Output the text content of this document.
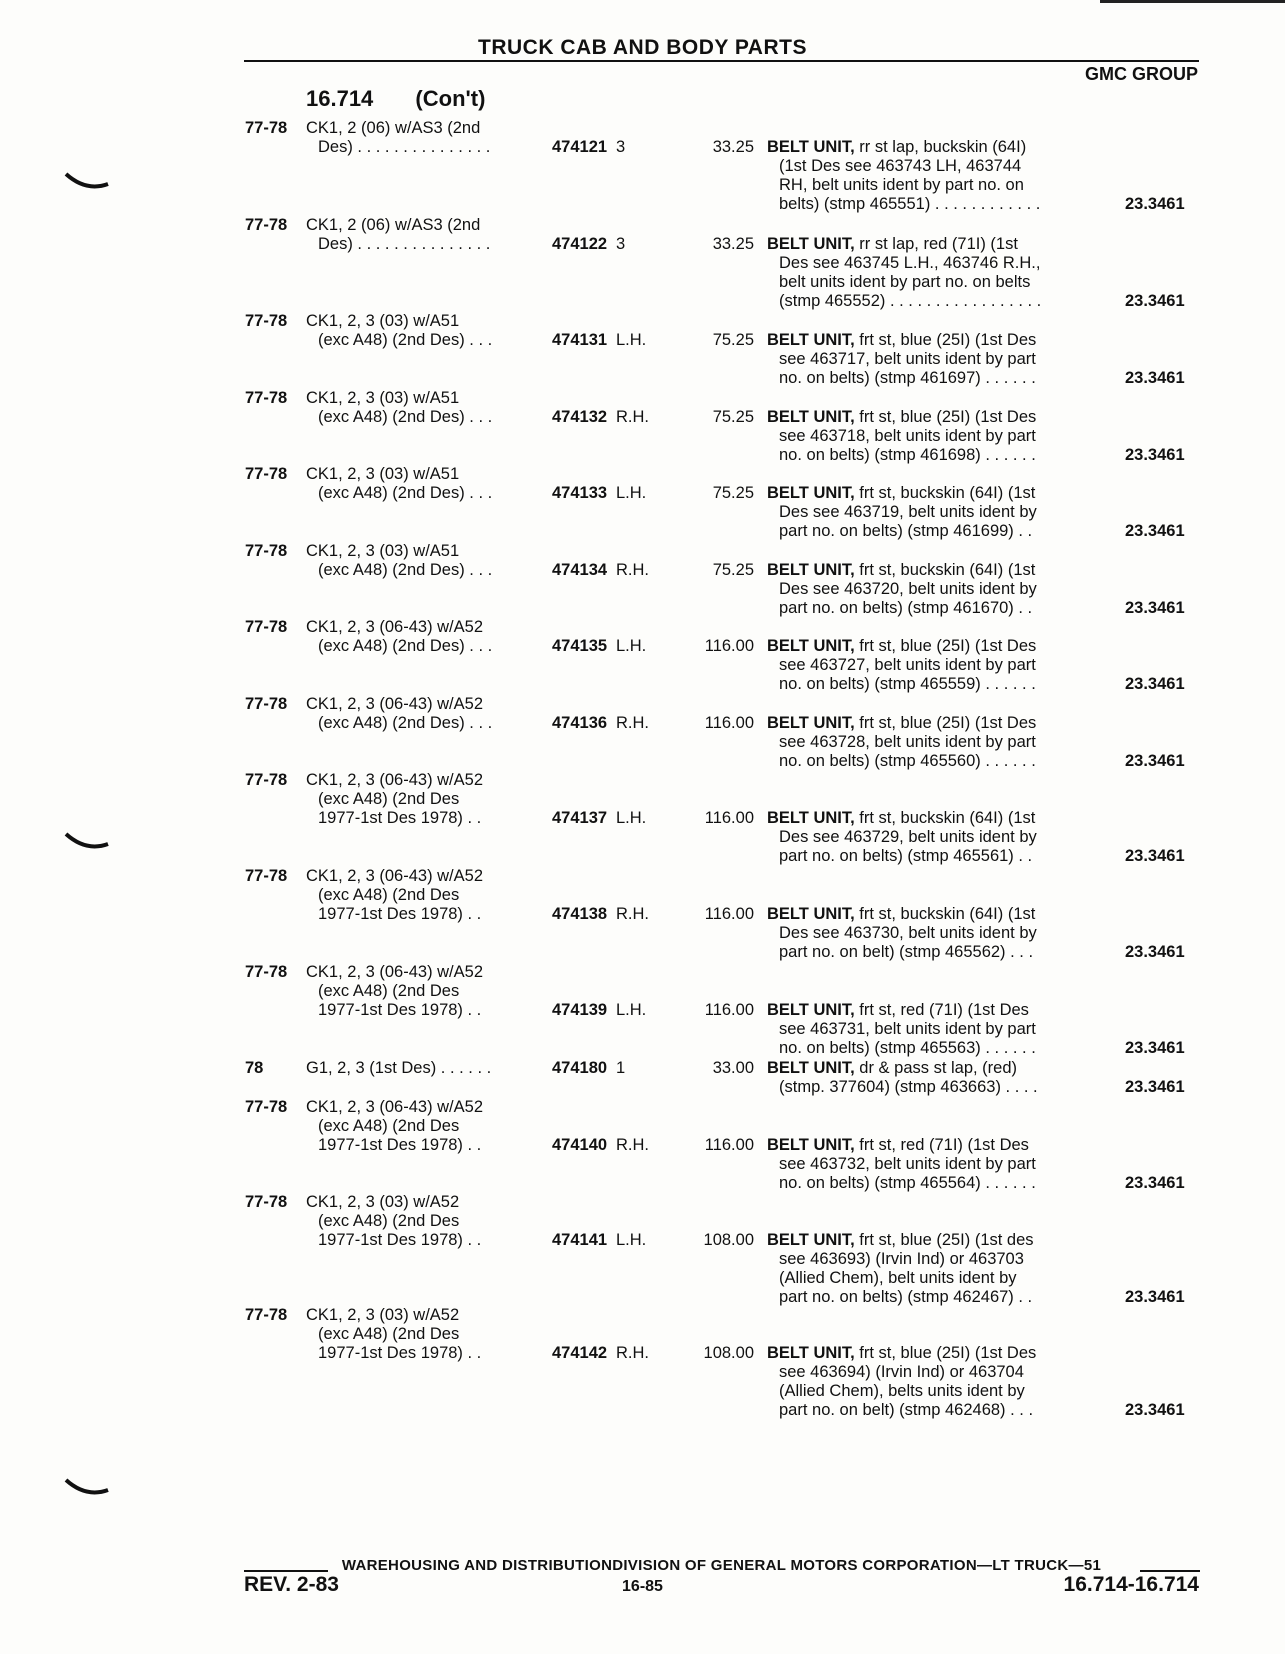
TRUCK CAB AND BODY PARTS
GMC GROUP
16.714 (Con't)
77-78 CK1, 2 (06) w/AS3 (2nd
Des) . . . . . . . . . . . . . . .	474121 3	33.25 BELT UNIT, rr st lap, buckskin (64I)
(1st Des see 463743 LH, 463744
RH, belt units ident by part no. on
belts) (stmp 465551) . . . . . . . . . . . .	23.3461
77-78 CK1, 2 (06) w/AS3 (2nd
Des) . . . . . . . . . . . . . . .	474122 3	33.25 BELT UNIT, rr st lap, red (71I) (1st
Des see 463745 L.H., 463746 R.H.,
belt units ident by part no. on belts
(stmp 465552) . . . . . . . . . . . . . . . . .	23.3461
77-78 CK1, 2, 3 (03) w/A51
(exc A48) (2nd Des) . . .	474131 L.H.	75.25 BELT UNIT, frt st, blue (25I) (1st Des
see 463717, belt units ident by part
no. on belts) (stmp 461697) . . . . . .	23.3461
77-78 CK1, 2, 3 (03) w/A51
(exc A48) (2nd Des) . . .	474132 R.H.	75.25 BELT UNIT, frt st, blue (25I) (1st Des
see 463718, belt units ident by part
no. on belts) (stmp 461698) . . . . . .	23.3461
77-78 CK1, 2, 3 (03) w/A51
(exc A48) (2nd Des) . . .	474133 L.H.	75.25 BELT UNIT, frt st, buckskin (64I) (1st
Des see 463719, belt units ident by
part no. on belts) (stmp 461699) . .	23.3461
77-78 CK1, 2, 3 (03) w/A51
(exc A48) (2nd Des) . . .	474134 R.H.	75.25 BELT UNIT, frt st, buckskin (64I) (1st
Des see 463720, belt units ident by
part no. on belts) (stmp 461670) . .	23.3461
77-78 CK1, 2, 3 (06-43) w/A52
(exc A48) (2nd Des) . . .	474135 L.H.	116.00 BELT UNIT, frt st, blue (25I) (1st Des
see 463727, belt units ident by part
no. on belts) (stmp 465559) . . . . . .	23.3461
77-78 CK1, 2, 3 (06-43) w/A52
(exc A48) (2nd Des) . . .	474136 R.H.	116.00 BELT UNIT, frt st, blue (25I) (1st Des
see 463728, belt units ident by part
no. on belts) (stmp 465560) . . . . . .	23.3461
77-78 CK1, 2, 3 (06-43) w/A52
(exc A48) (2nd Des
1977-1st Des 1978) . .	474137 L.H.	116.00 BELT UNIT, frt st, buckskin (64I) (1st
Des see 463729, belt units ident by
part no. on belts) (stmp 465561) . .	23.3461
77-78 CK1, 2, 3 (06-43) w/A52
(exc A48) (2nd Des
1977-1st Des 1978) . .	474138 R.H.	116.00 BELT UNIT, frt st, buckskin (64I) (1st
Des see 463730, belt units ident by
part no. on belt) (stmp 465562) . . .	23.3461
77-78 CK1, 2, 3 (06-43) w/A52
(exc A48) (2nd Des
1977-1st Des 1978) . .	474139 L.H.	116.00 BELT UNIT, frt st, red (71I) (1st Des
see 463731, belt units ident by part
no. on belts) (stmp 465563) . . . . . .	23.3461
78	G1, 2, 3 (1st Des) . . . . . .	474180 1	33.00 BELT UNIT, dr & pass st lap, (red)
(stmp. 377604) (stmp 463663) . . . .	23.3461
77-78 CK1, 2, 3 (06-43) w/A52
(exc A48) (2nd Des
1977-1st Des 1978) . .	474140 R.H.	116.00 BELT UNIT, frt st, red (71I) (1st Des
see 463732, belt units ident by part
no. on belts) (stmp 465564) . . . . . .	23.3461
77-78 CK1, 2, 3 (03) w/A52
(exc A48) (2nd Des
1977-1st Des 1978) . .	474141 L.H.	108.00 BELT UNIT, frt st, blue (25I) (1st des
see 463693) (Irvin Ind) or 463703
(Allied Chem), belt units ident by
part no. on belts) (stmp 462467) . .	23.3461
77-78 CK1, 2, 3 (03) w/A52
(exc A48) (2nd Des
1977-1st Des 1978) . .	474142 R.H.	108.00 BELT UNIT, frt st, blue (25I) (1st Des
see 463694) (Irvin Ind) or 463704
(Allied Chem), belts units ident by
part no. on belt) (stmp 462468) . . .	23.3461
WAREHOUSING AND DISTRIBUTIONDIVISION OF GENERAL MOTORS CORPORATION—LT TRUCK—51
REV. 2-83	16-85	16.714-16.714
